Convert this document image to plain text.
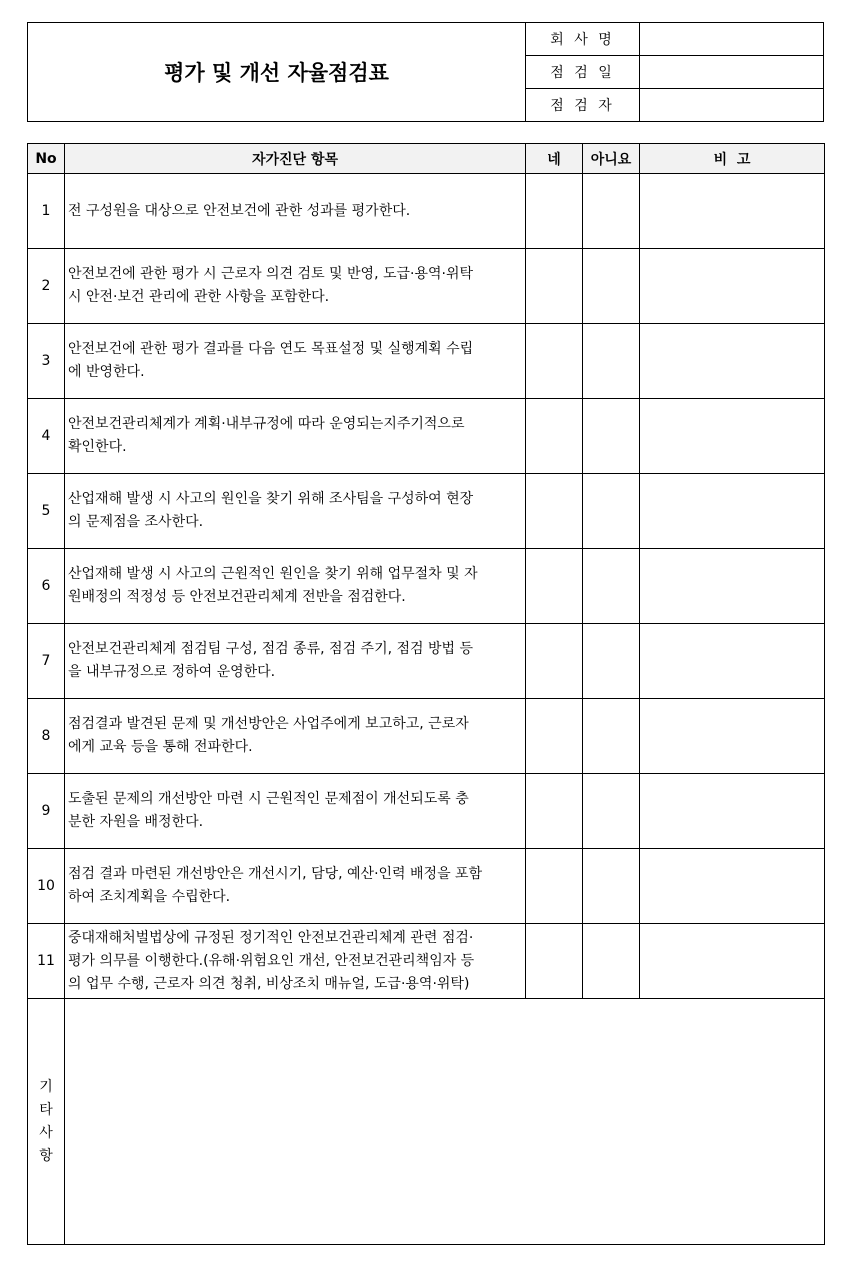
평가 및 개선 자율점검표	회 사 명	
	점 검 일	
	점 검 자	
No	자가진단 항목	네	아니요	비  고
1	전 구성원을 대상으로 안전보건에 관한 성과를 평가한다.			
2	안전보건에 관한 평가 시 근로자 의견 검토 및 반영, 도급·용역·위탁
시 안전·보건 관리에 관한 사항을 포함한다.			
3	안전보건에 관한 평가 결과를 다음 연도 목표설정 및 실행계획 수립
에 반영한다.			
4	안전보건관리체계가 계획·내부규정에 따라 운영되는지주기적으로
확인한다.			
5	산업재해 발생 시 사고의 원인을 찾기 위해 조사팀을 구성하여 현장
의 문제점을 조사한다.			
6	산업재해 발생 시 사고의 근원적인 원인을 찾기 위해 업무절차 및 자
원배정의 적정성 등 안전보건관리체계 전반을 점검한다.			
7	안전보건관리체계 점검팀 구성, 점검 종류, 점검 주기, 점검 방법 등
을 내부규정으로 정하여 운영한다.			
8	점검결과 발견된 문제 및 개선방안은 사업주에게 보고하고, 근로자
에게 교육 등을 통해 전파한다.			
9	도출된 문제의 개선방안 마련 시 근원적인 문제점이 개선되도록 충
분한 자원을 배정한다.			
10	점검 결과 마련된 개선방안은 개선시기, 담당, 예산·인력 배정을 포함
하여 조치계획을 수립한다.			
11	중대재해처벌법상에 규정된 정기적인 안전보건관리체계 관련 점검·
평가 의무를 이행한다.(유해·위험요인 개선, 안전보건관리책임자 등
의 업무 수행, 근로자 의견 청취, 비상조치 매뉴얼, 도급·용역·위탁)			
기
타
사
항				
